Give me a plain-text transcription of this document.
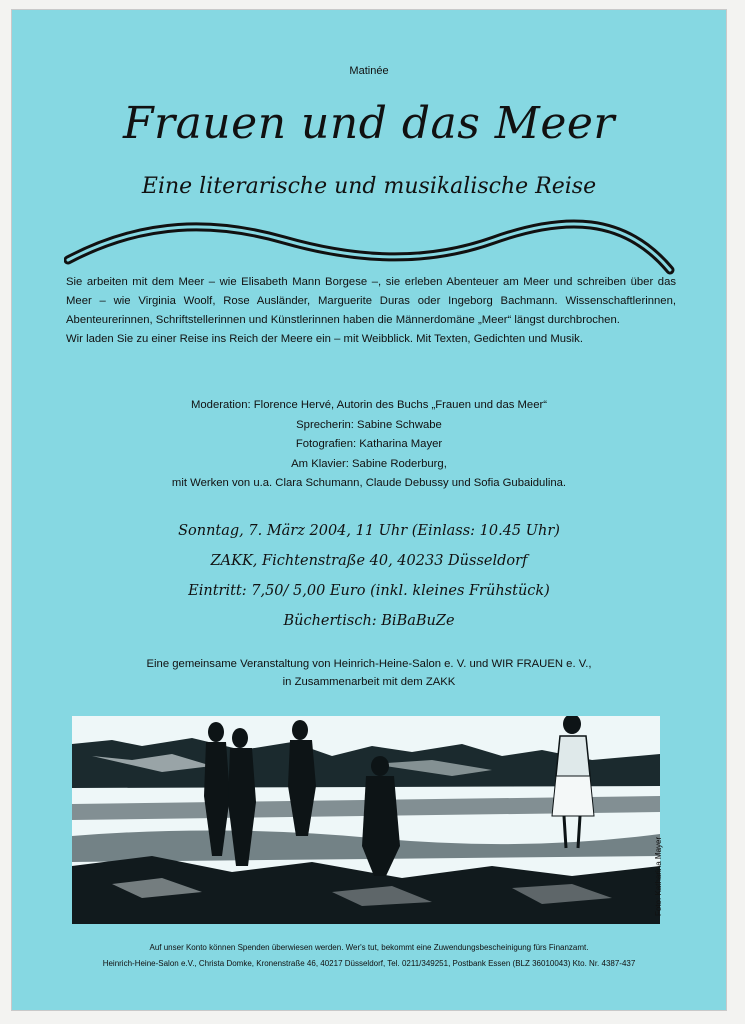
Matinée
Frauen und das Meer
Eine literarische und musikalische Reise

Sie arbeiten mit dem Meer – wie Elisabeth Mann Borgese –, sie erleben Abenteuer am Meer und schreiben über das Meer – wie Virginia Woolf, Rose Ausländer, Marguerite Duras oder Ingeborg Bachmann. Wissenschaftlerinnen, Abenteurerinnen, Schriftstellerinnen und Künstlerinnen haben die Männerdomäne „Meer“ längst durchbrochen.

Wir laden Sie zu einer Reise ins Reich der Meere ein – mit Weibblick. Mit Texten, Gedichten und Musik.

Moderation: Florence Hervé, Autorin des Buchs „Frauen und das Meer“
Sprecherin: Sabine Schwabe
Fotografien: Katharina Mayer
Am Klavier: Sabine Roderburg,
mit Werken von u.a. Clara Schumann, Claude Debussy und Sofia Gubaidulina.
Sonntag, 7. März 2004, 11 Uhr (Einlass: 10.45 Uhr)
ZAKK, Fichtenstraße 40, 40233 Düsseldorf
Eintritt: 7,50/ 5,00 Euro (inkl. kleines Frühstück)
Büchertisch: BiBaBuZe
Eine gemeinsame Veranstaltung von Heinrich-Heine-Salon e. V. und WIR FRAUEN e. V.,
in Zusammenarbeit mit dem ZAKK
Foto: Katharina Mayer
Auf unser Konto können Spenden überwiesen werden. Wer's tut, bekommt eine Zuwendungsbescheinigung fürs Finanzamt.
Heinrich-Heine-Salon e.V., Christa Domke, Kronenstraße 46, 40217 Düsseldorf, Tel. 0211/349251, Postbank Essen (BLZ 36010043) Kto. Nr. 4387-437
